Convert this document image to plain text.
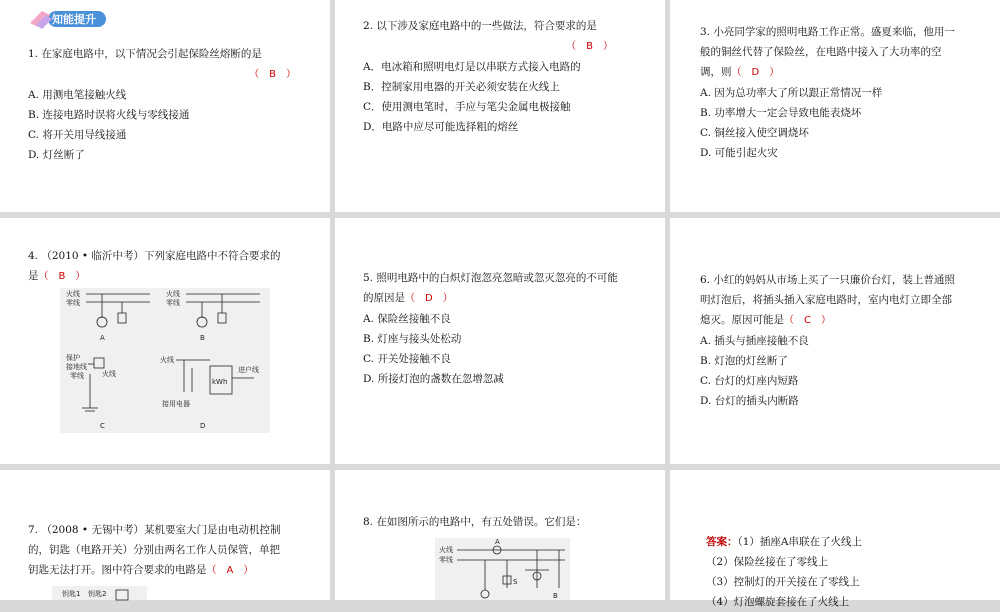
知能提升

1. 在家庭电路中，以下情况会引起保险丝熔断的是

（　B　）

A. 用测电笔接触火线

B. 连接电路时误将火线与零线接通

C. 将开关用导线接通

D. 灯丝断了

2. 以下涉及家庭电路中的一些做法，符合要求的是

（　B　）

A．电冰箱和照明电灯是以串联方式接入电路的

B．控制家用电器的开关必须安装在火线上

C．使用测电笔时，手应与笔尖金属电极接触

D．电路中应尽可能选择粗的熔丝

3. 小亮同学家的照明电路工作正常。盛夏来临，他用一

般的铜丝代替了保险丝，在电路中接入了大功率的空

调，则（　D　）

A. 因为总功率大了所以跟正常情况一样

B. 功率增大一定会导致电能表烧坏

C. 铜丝接入使空调烧坏

D. 可能引起火灾

4. （2010 • 临沂中考）下列家庭电路中不符合要求的

是（　B　）

火线
零线
A
火线
零线
B
保护
接地线
零线	火线
C
火线
kWh
进户线
接用电器
D

5. 照明电路中的白炽灯泡忽亮忽暗或忽灭忽亮的不可能

的原因是（　D　）

A. 保险丝接触不良

B. 灯座与接头处松动

C. 开关处接触不良

D. 所接灯泡的盏数在忽增忽减

6. 小红的妈妈从市场上买了一只廉价台灯，装上普通照

明灯泡后，将插头插入家庭电路时，室内电灯立即全部

熄灭。原因可能是（　C　）

A. 插头与插座接触不良

B. 灯泡的灯丝断了

C. 台灯的灯座内短路

D. 台灯的插头内断路

7. （2008 • 无锡中考）某机要室大门是由电动机控制

的，钥匙（电路开关）分别由两名工作人员保管，单把

钥匙无法打开。图中符合要求的电路是（　A　）

钥匙1 钥匙2

8. 在如图所示的电路中，有五处错误。它们是：

火线
零线
A
S
B

答案：（1）插座A串联在了火线上

（2）保险丝接在了零线上

（3）控制灯的开关接在了零线上

（4）灯泡螺旋套接在了火线上
